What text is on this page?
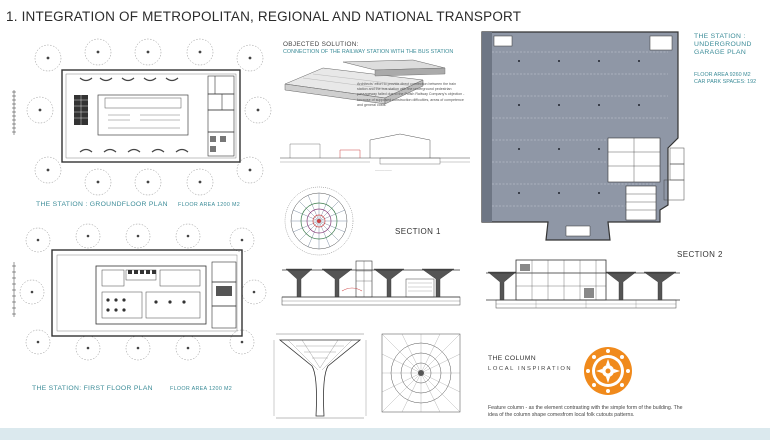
1. INTEGRATION OF METROPOLITAN, REGIONAL AND NATIONAL TRANSPORT
THE STATION : GROUNDFLOOR PLAN FLOOR AREA 1200 M2
THE STATION: FIRST FLOOR PLAN	FLOOR AREA 1200 M2
OBJECTED SOLUTION:
CONNECTION OF THE RAILWAY STATION WITH THE BUS STATION
Architects' effort to provide direct connection between the train station and the bus station with the underground pedestrian passageway failed due to the Polish Railway Company's objection - because of supposed construction difficulties, areas of competence and general costs.
———————
THE STATION :
UNDERGROUND
GARAGE PLAN
FLOOR AREA 9260 M2
CAR PARK SPACES: 192
SECTION 1
SECTION 2
THE COLUMN
LOCAL INSPIRATION
Feature column - as the element contrasting with the simple form of the building. The idea of the column shape comesfrom local folk cutouts patterns.
